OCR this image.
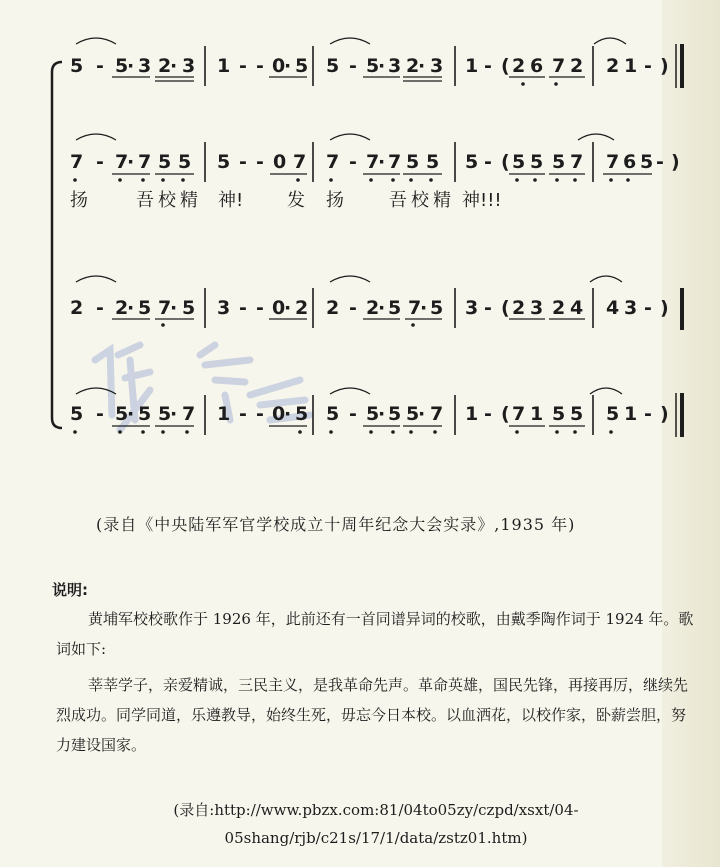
5 - 5
· 3 2
· 3 1 - - 0
· 5 5 - 5
· 3 2
· 3 1 - ( 2 6 7 2 2 1 - )
7 - 7
· 7 5 5 5 - - 0 7 7 - 7
· 7 5 5 5 - ( 5 5 5 7 7 6 5 - )
扬	吾 校 精 神! 发 扬	吾 校 精 神!!!
2 - 2
· 5 7
· 5 3 - - 0
· 2 2 - 2
· 5 7
· 5 3 - ( 2 3 2 4 4 3 - )
5 - 5
· 5 5
· 7 1 - - 0
· 5 5 - 5
· 5 5
· 7 1 - ( 7 1 5 5 5 1 - )
(录自《中央陆军军官学校成立十周年纪念大会实录》,1935 年)
说明:
黄埔军校校歌作于 1926 年，此前还有一首同谱异词的校歌，由戴季陶作词于 1924 年。歌词如下:
莘莘学子，亲爱精诚，三民主义，是我革命先声。革命英雄，国民先锋，再接再厉，继续先烈成功。同学同道，乐遵教导，始终生死，毋忘今日本校。以血洒花，以校作家，卧薪尝胆，努力建设国家。
(录自:http://www.pbzx.com:81/04to05zy/czpd/xsxt/04-
05shang/rjb/c21s/17/1/data/zstz01.htm)
